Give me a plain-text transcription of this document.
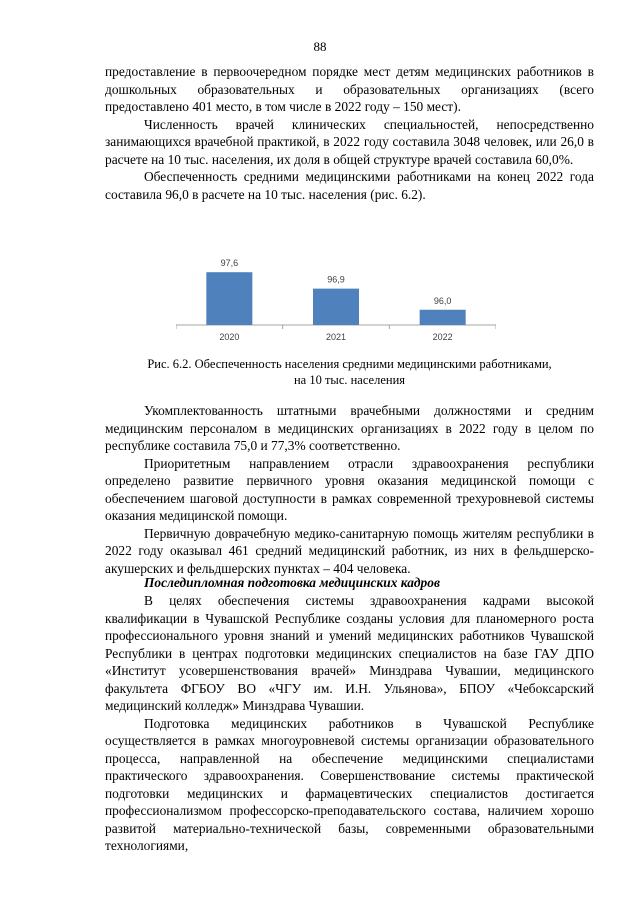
88

предоставление в первоочередном порядке мест детям медицинских работников в дошкольных образовательных и образовательных организациях (всего предоставлено 401 место, в том числе в 2022 году – 150 мест).

Численность врачей клинических специальностей, непосредственно занимающихся врачебной практикой, в 2022 году составила 3048 человек, или 26,0 в расчете на 10 тыс. населения, их доля в общей структуре врачей составила 60,0%.

Обеспеченность средними медицинскими работниками на конец 2022 года составила 96,0 в расчете на 10 тыс. населения (рис. 6.2).

97,6
2020
96,9
2021
96,0
2022
Рис. 6.2. Обеспеченность населения средними медицинскими работниками,
на 10 тыс. населения

Укомплектованность штатными врачебными должностями и средним медицинским персоналом в медицинских организациях в 2022 году в целом по республике составила 75,0 и 77,3% соответственно.

Приоритетным направлением отрасли здравоохранения республики определено развитие первичного уровня оказания медицинской помощи с обеспечением шаговой доступности в рамках современной трехуровневой системы оказания медицинской помощи.

Первичную доврачебную медико-санитарную помощь жителям республики в 2022 году оказывал 461 средний медицинский работник, из них в фельдшерско-акушерских и фельдшерских пунктах – 404 человека.

Последипломная подготовка медицинских кадров

В целях обеспечения системы здравоохранения кадрами высокой квалификации в Чувашской Республике созданы условия для планомерного роста профессионального уровня знаний и умений медицинских работников Чувашской Республики в центрах подготовки медицинских специалистов на базе ГАУ ДПО «Институт усовершенствования врачей» Минздрава Чувашии, медицинского факультета ФГБОУ ВО «ЧГУ им. И.Н. Ульянова», БПОУ «Чебоксарский медицинский колледж» Минздрава Чувашии.

Подготовка медицинских работников в Чувашской Республике осуществляется в рамках многоуровневой системы организации образовательного процесса, направленной на обеспечение медицинскими специалистами практического здравоохранения. Совершенствование системы практической подготовки медицинских и фармацевтических специалистов достигается профессионализмом профессорско-преподавательского состава, наличием хорошо развитой материально-технической базы, современными образовательными технологиями,
